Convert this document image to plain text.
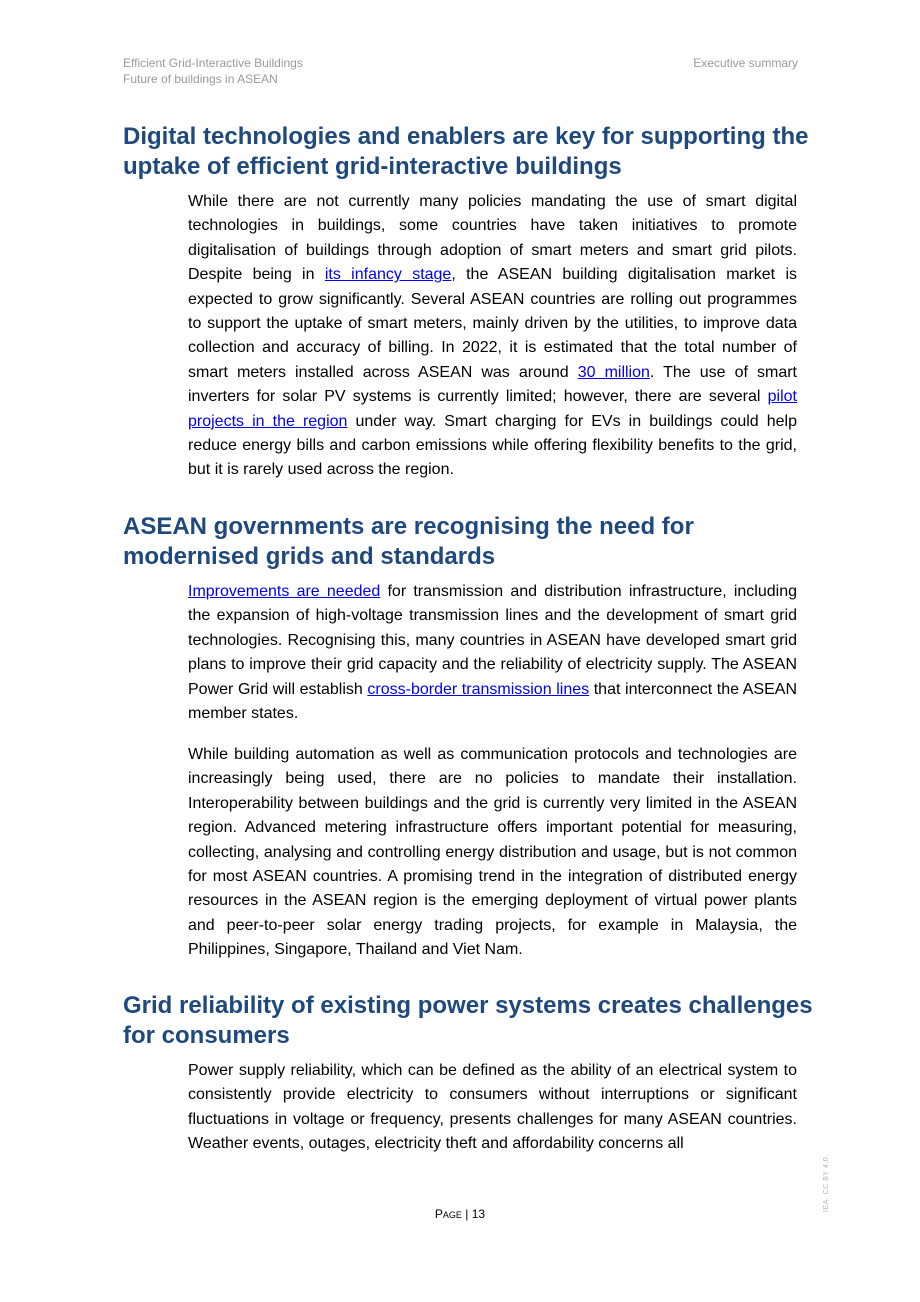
Efficient Grid-Interactive Buildings
Future of buildings in ASEAN
Executive summary
Digital technologies and enablers are key for supporting the uptake of efficient grid-interactive buildings

While there are not currently many policies mandating the use of smart digital technologies in buildings, some countries have taken initiatives to promote digitalisation of buildings through adoption of smart meters and smart grid pilots. Despite being in its infancy stage, the ASEAN building digitalisation market is expected to grow significantly. Several ASEAN countries are rolling out programmes to support the uptake of smart meters, mainly driven by the utilities, to improve data collection and accuracy of billing. In 2022, it is estimated that the total number of smart meters installed across ASEAN was around 30 million. The use of smart inverters for solar PV systems is currently limited; however, there are several pilot projects in the region under way. Smart charging for EVs in buildings could help reduce energy bills and carbon emissions while offering flexibility benefits to the grid, but it is rarely used across the region.

ASEAN governments are recognising the need for modernised grids and standards

Improvements are needed for transmission and distribution infrastructure, including the expansion of high-voltage transmission lines and the development of smart grid technologies. Recognising this, many countries in ASEAN have developed smart grid plans to improve their grid capacity and the reliability of electricity supply. The ASEAN Power Grid will establish cross-border transmission lines that interconnect the ASEAN member states.

While building automation as well as communication protocols and technologies are increasingly being used, there are no policies to mandate their installation. Interoperability between buildings and the grid is currently very limited in the ASEAN region. Advanced metering infrastructure offers important potential for measuring, collecting, analysing and controlling energy distribution and usage, but is not common for most ASEAN countries. A promising trend in the integration of distributed energy resources in the ASEAN region is the emerging deployment of virtual power plants and peer-to-peer solar energy trading projects, for example in Malaysia, the Philippines, Singapore, Thailand and Viet Nam.

Grid reliability of existing power systems creates challenges for consumers

Power supply reliability, which can be defined as the ability of an electrical system to consistently provide electricity to consumers without interruptions or significant fluctuations in voltage or frequency, presents challenges for many ASEAN countries. Weather events, outages, electricity theft and affordability concerns all

PAGE | 13
IEA. CC BY 4.0.
